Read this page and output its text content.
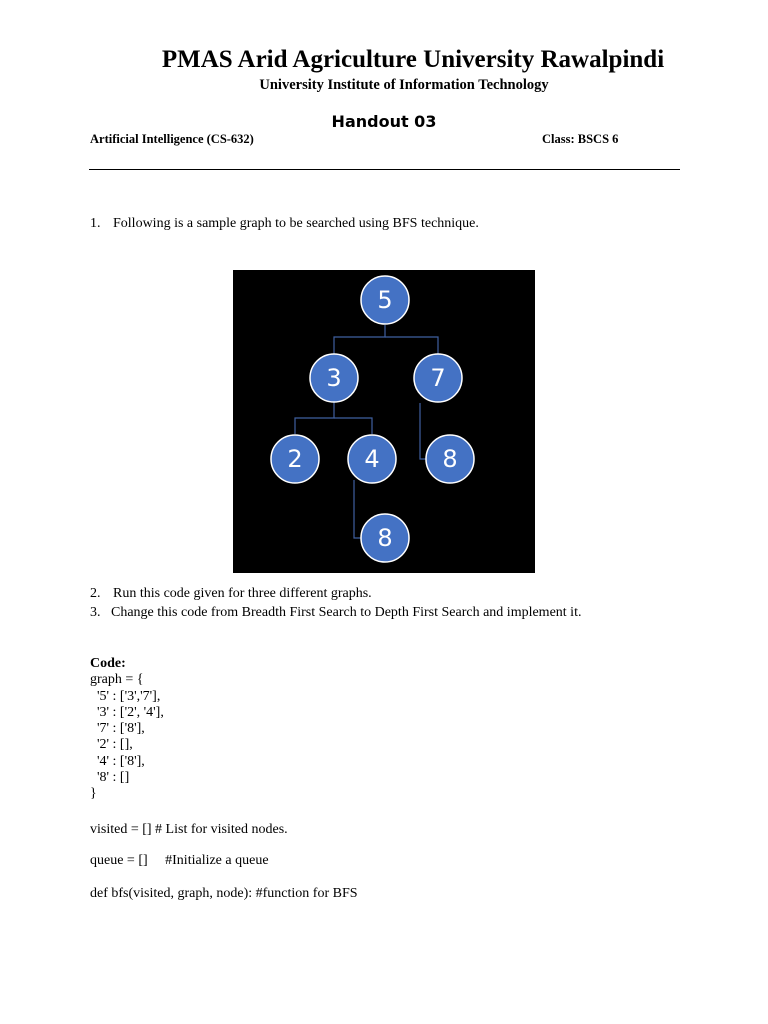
PMAS Arid Agriculture University Rawalpindi
University Institute of Information Technology
Handout 03
Artificial Intelligence (CS-632)	Class: BSCS 6
1. Following is a sample graph to be searched using BFS technique.
5
3	7
2	4	8
8
2. Run this code given for three different graphs.
3. Change this code from Breadth First Search to Depth First Search and implement it.
Code:
graph = {
'5' : ['3','7'],
'3' : ['2', '4'],
'7' : ['8'],
'2' : [],
'4' : ['8'],
'8' : []
}
visited = [] # List for visited nodes.
queue = []     #Initialize a queue
def bfs(visited, graph, node): #function for BFS
